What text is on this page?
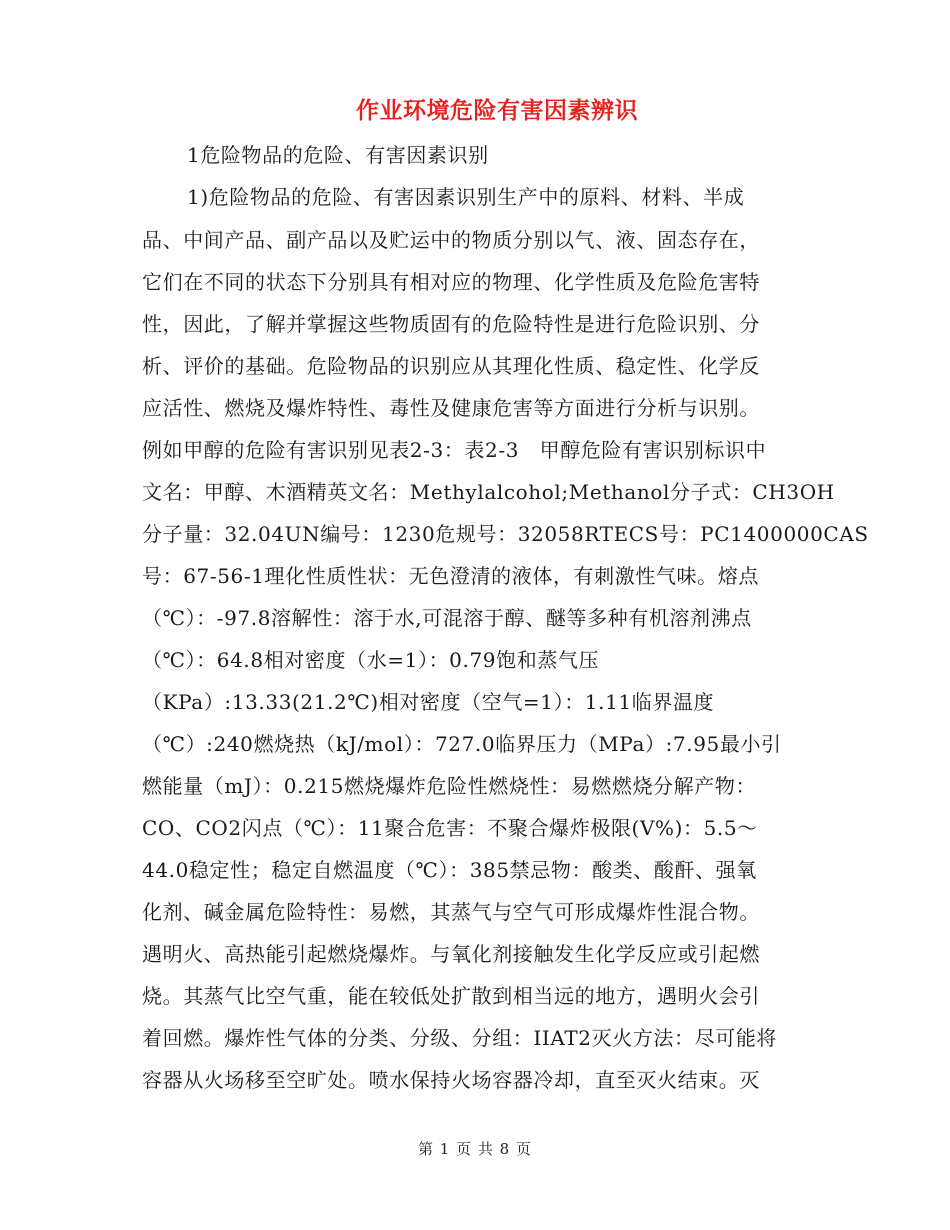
作业环境危险有害因素辨识
1危险物品的危险、有害因素识别
1)危险物品的危险、有害因素识别生产中的原料、材料、半成
品、中间产品、副产品以及贮运中的物质分别以气、液、固态存在，
它们在不同的状态下分别具有相对应的物理、化学性质及危险危害特
性，因此，了解并掌握这些物质固有的危险特性是进行危险识别、分
析、评价的基础。危险物品的识别应从其理化性质、稳定性、化学反
应活性、燃烧及爆炸特性、毒性及健康危害等方面进行分析与识别。
例如甲醇的危险有害识别见表2-3：表2-3　甲醇危险有害识别标识中
文名：甲醇、木酒精英文名：Methylalcohol;Methanol分子式：CH3OH
分子量：32.04UN编号：1230危规号：32058RTECS号：PC1400000CAS
号：67-56-1理化性质性状：无色澄清的液体，有刺激性气味。熔点
（℃）：-97.8溶解性：溶于水,可混溶于醇、醚等多种有机溶剂沸点
（℃）：64.8相对密度（水=1）：0.79饱和蒸气压
（KPa）:13.33(21.2℃)相对密度（空气=1）：1.11临界温度
（℃）:240燃烧热（kJ/mol）：727.0临界压力（MPa）:7.95最小引
燃能量（mJ）：0.215燃烧爆炸危险性燃烧性：易燃燃烧分解产物：
CO、CO2闪点（℃）：11聚合危害：不聚合爆炸极限(V%)：5.5～
44.0稳定性；稳定自燃温度（℃）：385禁忌物：酸类、酸酐、强氧
化剂、碱金属危险特性：易燃，其蒸气与空气可形成爆炸性混合物。
遇明火、高热能引起燃烧爆炸。与氧化剂接触发生化学反应或引起燃
烧。其蒸气比空气重，能在较低处扩散到相当远的地方，遇明火会引
着回燃。爆炸性气体的分类、分级、分组：IIAT2灭火方法：尽可能将
容器从火场移至空旷处。喷水保持火场容器冷却，直至灭火结束。灭
第 1 页 共 8 页
